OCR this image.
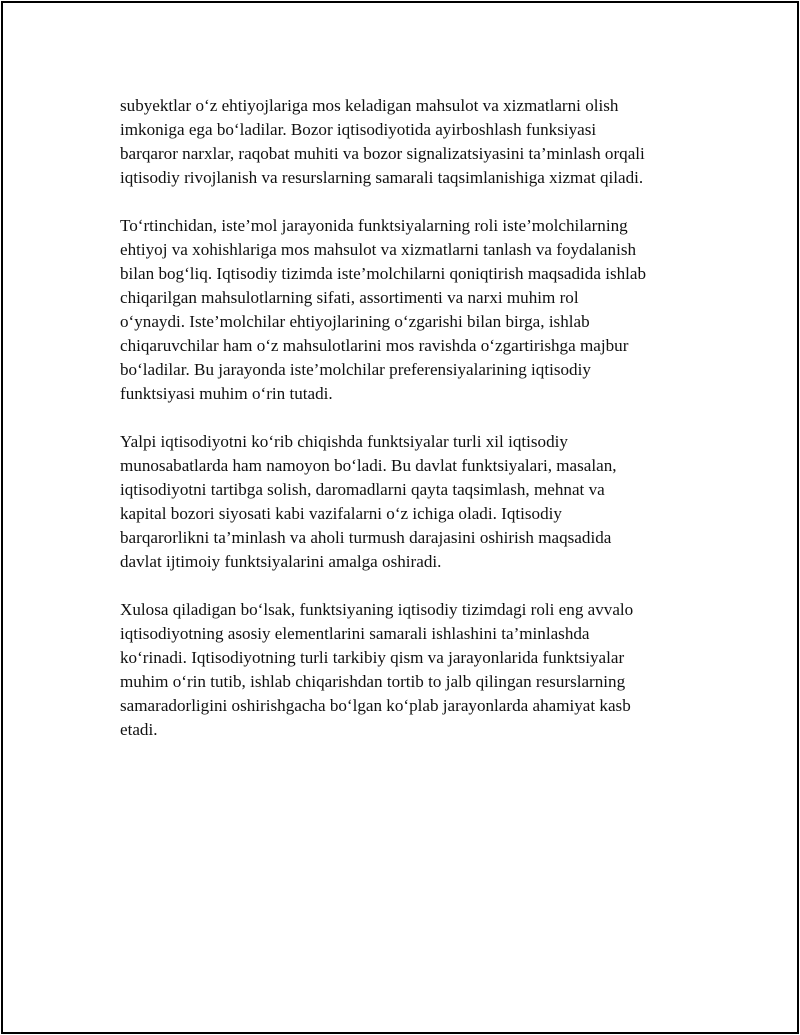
subyektlar o‘z ehtiyojlariga mos keladigan mahsulot va xizmatlarni olish
imkoniga ega bo‘ladilar. Bozor iqtisodiyotida ayirboshlash funksiyasi
barqaror narxlar, raqobat muhiti va bozor signalizatsiyasini ta’minlash orqali
iqtisodiy rivojlanish va resurslarning samarali taqsimlanishiga xizmat qiladi.

To‘rtinchidan, iste’mol jarayonida funktsiyalarning roli iste’molchilarning
ehtiyoj va xohishlariga mos mahsulot va xizmatlarni tanlash va foydalanish
bilan bog‘liq. Iqtisodiy tizimda iste’molchilarni qoniqtirish maqsadida ishlab
chiqarilgan mahsulotlarning sifati, assortimenti va narxi muhim rol
o‘ynaydi. Iste’molchilar ehtiyojlarining o‘zgarishi bilan birga, ishlab
chiqaruvchilar ham o‘z mahsulotlarini mos ravishda o‘zgartirishga majbur
bo‘ladilar. Bu jarayonda iste’molchilar preferensiyalarining iqtisodiy
funktsiyasi muhim o‘rin tutadi.

Yalpi iqtisodiyotni ko‘rib chiqishda funktsiyalar turli xil iqtisodiy
munosabatlarda ham namoyon bo‘ladi. Bu davlat funktsiyalari, masalan,
iqtisodiyotni tartibga solish, daromadlarni qayta taqsimlash, mehnat va
kapital bozori siyosati kabi vazifalarni o‘z ichiga oladi. Iqtisodiy
barqarorlikni ta’minlash va aholi turmush darajasini oshirish maqsadida
davlat ijtimoiy funktsiyalarini amalga oshiradi.

Xulosa qiladigan bo‘lsak, funktsiyaning iqtisodiy tizimdagi roli eng avvalo
iqtisodiyotning asosiy elementlarini samarali ishlashini ta’minlashda
ko‘rinadi. Iqtisodiyotning turli tarkibiy qism va jarayonlarida funktsiyalar
muhim o‘rin tutib, ishlab chiqarishdan tortib to jalb qilingan resurslarning
samaradorligini oshirishgacha bo‘lgan ko‘plab jarayonlarda ahamiyat kasb
etadi.
